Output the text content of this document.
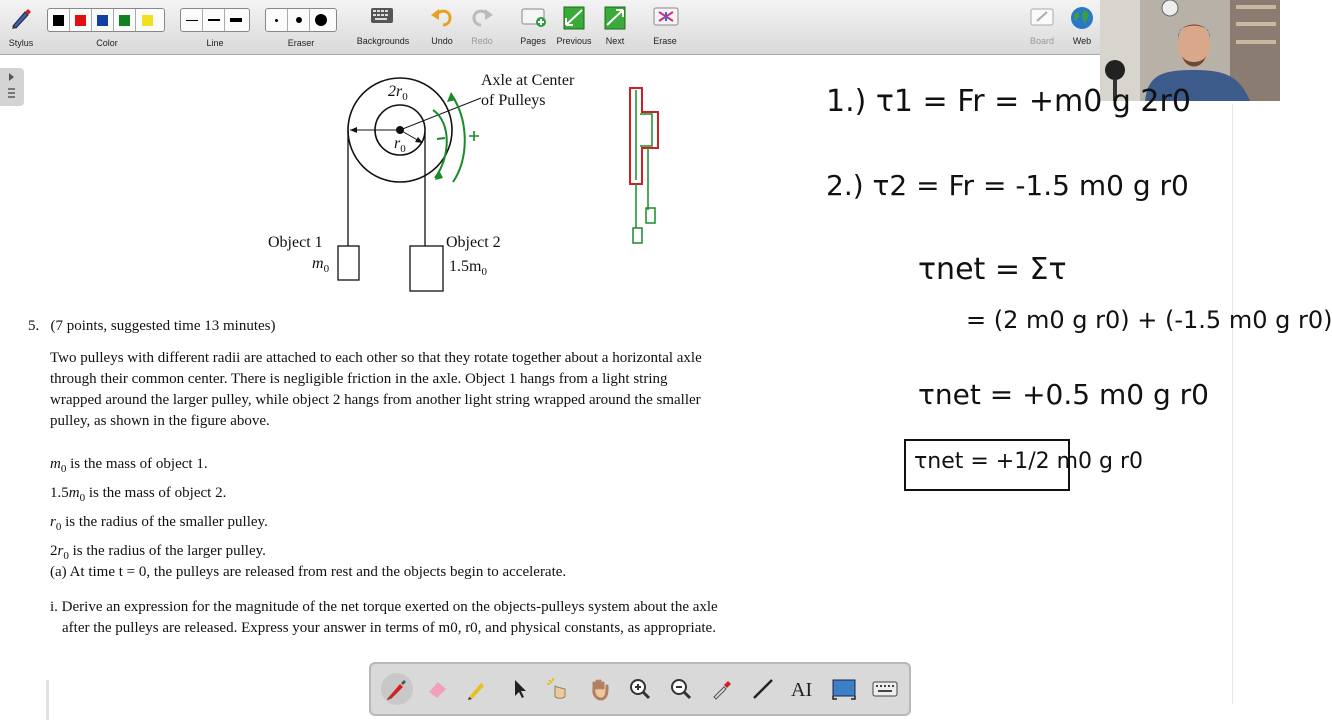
Stylus	Color	Line	Eraser	Backgrounds	Undo	Redo	Pages	Previous	Next	Erase	Board	Web
$2r_0$
$r_0$
Axle at Center
of Pulleys
Object 1
$m_0$
Object 2
$1.5m_0$
5. (7 points, suggested time 13 minutes)
Two pulleys with different radii are attached to each other so that they rotate together about a horizontal axle
through their common center. There is negligible friction in the axle. Object 1 hangs from a light string
wrapped around the larger pulley, while object 2 hangs from another light string wrapped around the smaller
pulley, as shown in the figure above.
$m_0$ is the mass of object 1.
$1.5m_0$ is the mass of object 2.
$r_0$ is the radius of the smaller pulley.
$2r_0$ is the radius of the larger pulley.
(a) At time t = 0, the pulleys are released from rest and the objects begin to accelerate.
i. Derive an expression for the magnitude of the net torque exerted on the objects-pulleys system about the axle
after the pulleys are released. Express your answer in terms of m0, r0, and physical constants, as appropriate.
1.) τ1 = Fr = +m0 g 2r0
2.) τ2 = Fr = -1.5 m0 g r0
τnet = Στ
= (2 m0 g r0) + (-1.5 m0 g r0)
τnet = +0.5 m0 g r0
τnet = +1/2 m0 g r0
AI
